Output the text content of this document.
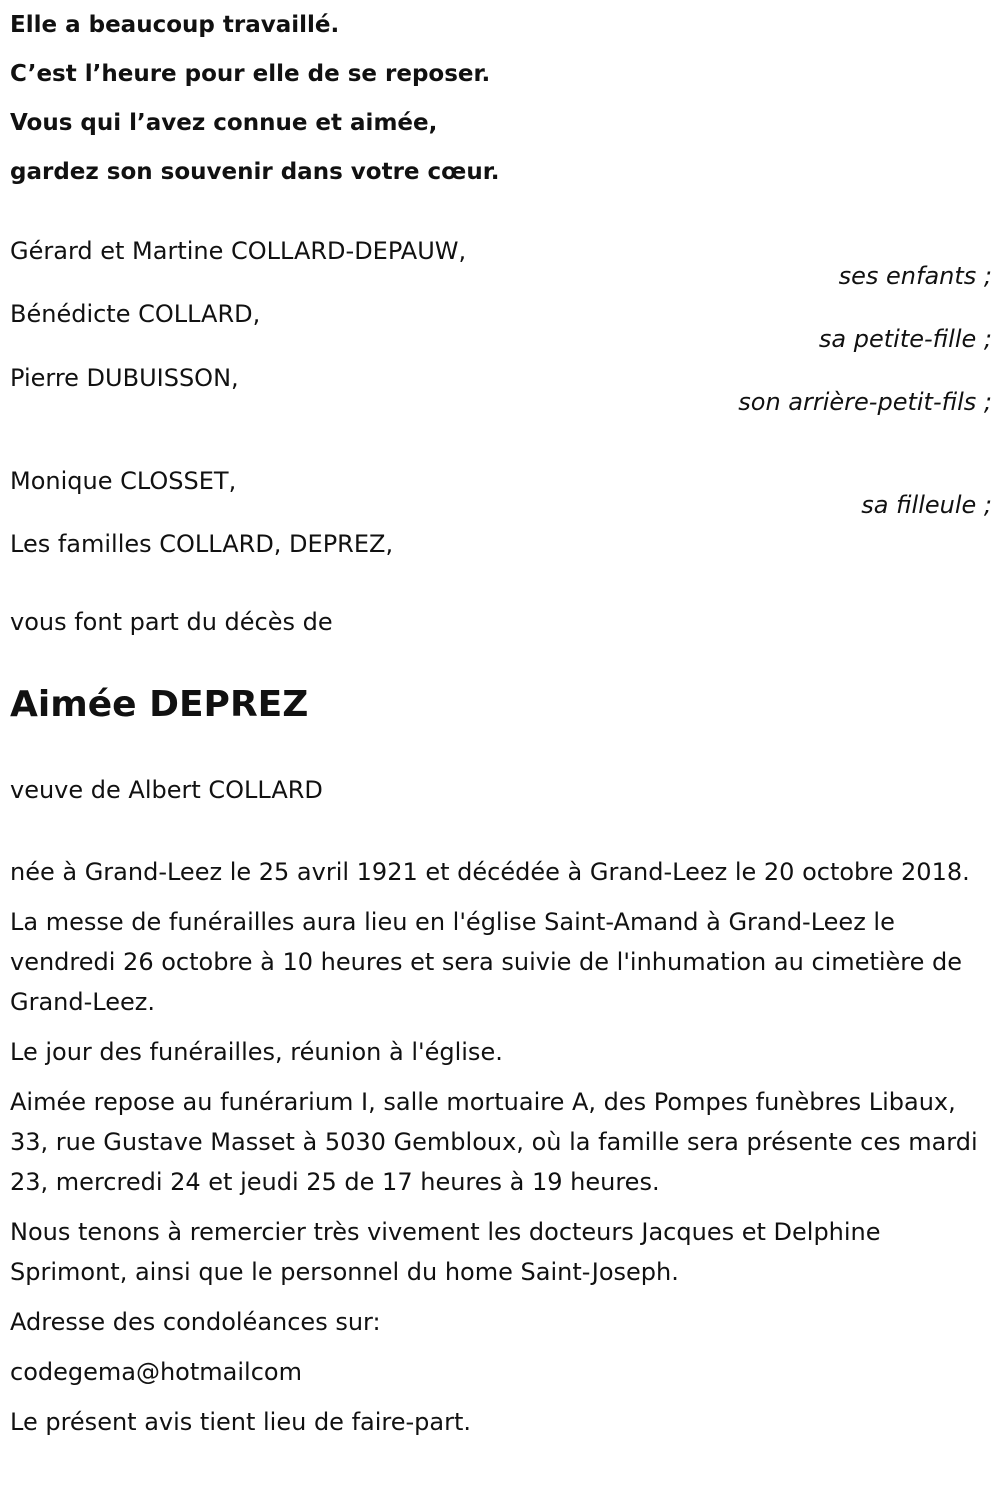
Elle a beaucoup travaillé.
C’est l’heure pour elle de se reposer.
Vous qui l’avez connue et aimée,
gardez son souvenir dans votre cœur.
Gérard et Martine COLLARD-DEPAUW,
ses enfants ;
Bénédicte COLLARD,
sa petite-fille ;
Pierre DUBUISSON,
son arrière-petit-fils ;
Monique CLOSSET,
sa filleule ;
Les familles COLLARD, DEPREZ,
vous font part du décès de
Aimée DEPREZ
veuve de Albert COLLARD

née à Grand-Leez le 25 avril 1921 et décédée à Grand-Leez le 20 octobre 2018.

La messe de funérailles aura lieu en l'église Saint-Amand à Grand-Leez le vendredi 26 octobre à 10 heures et sera suivie de l'inhumation au cimetière de Grand-Leez.

Le jour des funérailles, réunion à l'église.

Aimée repose au funérarium I, salle mortuaire A, des Pompes funèbres Libaux, 33, rue Gustave Masset à 5030 Gembloux, où la famille sera présente ces mardi 23, mercredi 24 et jeudi 25 de 17 heures à 19 heures.

Nous tenons à remercier très vivement les docteurs Jacques et Delphine Sprimont, ainsi que le personnel du home Saint-Joseph.

Adresse des condoléances sur:

codegema@hotmailcom

Le présent avis tient lieu de faire-part.
